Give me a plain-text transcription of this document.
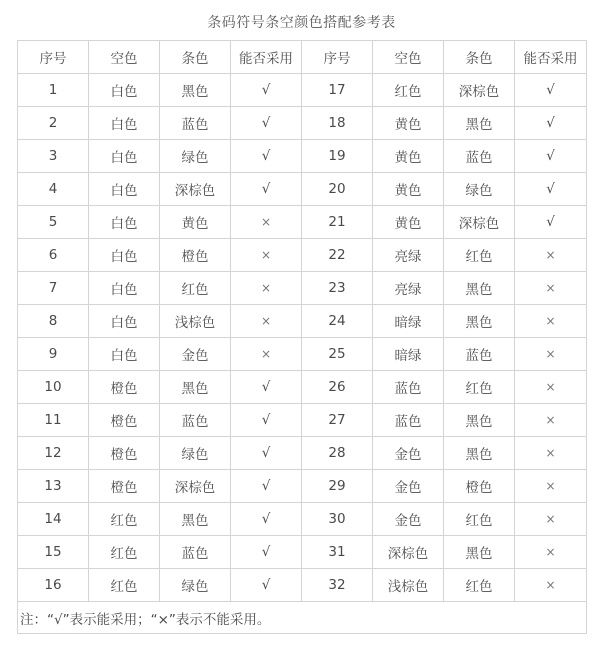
条码符号条空颜色搭配参考表
序号	空色	条色	能否采用	序号	空色	条色	能否采用
1	白色	黑色	√	17	红色	深棕色	√
2	白色	蓝色	√	18	黄色	黑色	√
3	白色	绿色	√	19	黄色	蓝色	√
4	白色	深棕色	√	20	黄色	绿色	√
5	白色	黄色	×	21	黄色	深棕色	√
6	白色	橙色	×	22	亮绿	红色	×
7	白色	红色	×	23	亮绿	黑色	×
8	白色	浅棕色	×	24	暗绿	黑色	×
9	白色	金色	×	25	暗绿	蓝色	×
10	橙色	黑色	√	26	蓝色	红色	×
11	橙色	蓝色	√	27	蓝色	黑色	×
12	橙色	绿色	√	28	金色	黑色	×
13	橙色	深棕色	√	29	金色	橙色	×
14	红色	黑色	√	30	金色	红色	×
15	红色	蓝色	√	31	深棕色	黑色	×
16	红色	绿色	√	32	浅棕色	红色	×
注：“√”表示能采用；“×”表示不能采用。							
